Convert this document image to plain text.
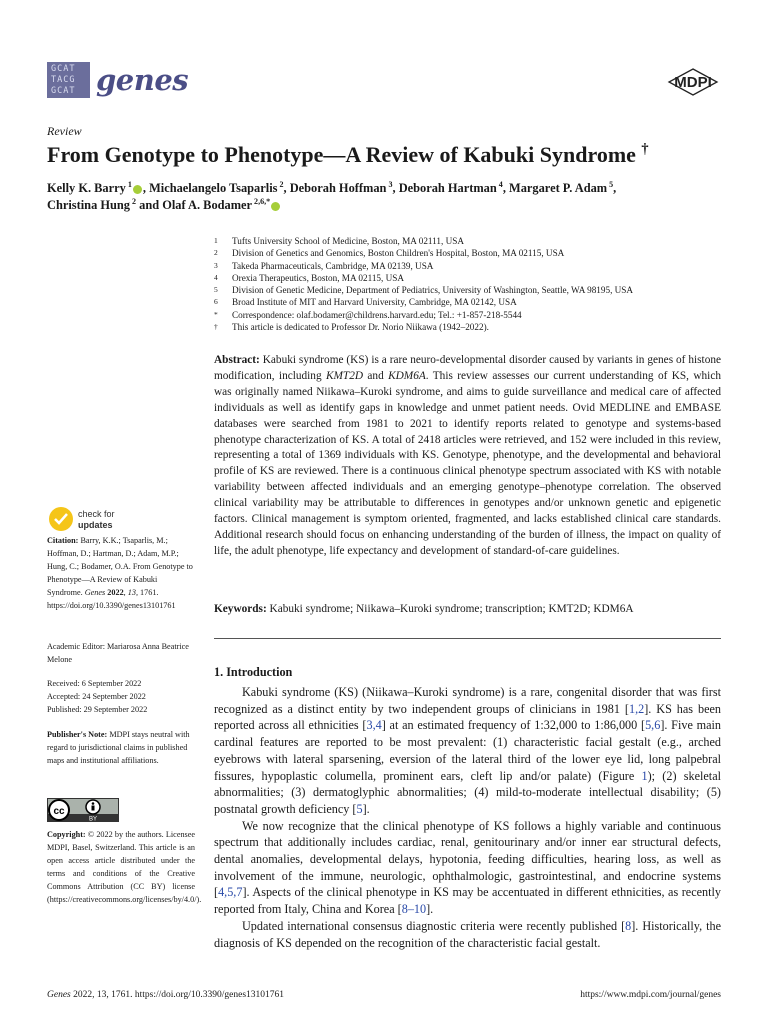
GCAT
TACG
GCAT genes	MDPI
Review
From Genotype to Phenotype—A Review of Kabuki Syndrome †
Kelly K. Barry $^1$ , Michaelangelo Tsaparlis $^2$, Deborah Hoffman $^3$, Deborah Hartman $^4$, Margaret P. Adam $^5$,
Christina Hung $^2$ and Olaf A. Bodamer $^{2,6,*}$
1	Tufts University School of Medicine, Boston, MA 02111, USA
2	Division of Genetics and Genomics, Boston Children's Hospital, Boston, MA 02115, USA
3	Takeda Pharmaceuticals, Cambridge, MA 02139, USA
4	Orexia Therapeutics, Boston, MA 02115, USA
5	Division of Genetic Medicine, Department of Pediatrics, University of Washington, Seattle, WA 98195, USA
6	Broad Institute of MIT and Harvard University, Cambridge, MA 02142, USA
*	Correspondence: olaf.bodamer@childrens.harvard.edu; Tel.: +1-857-218-5544
†	This article is dedicated to Professor Dr. Norio Niikawa (1942–2022).
Abstract: Kabuki syndrome (KS) is a rare neuro-developmental disorder caused by variants in genes of histone modification, including KMT2D and KDM6A. This review assesses our current understanding of KS, which was originally named Niikawa–Kuroki syndrome, and aims to guide surveillance and medical care of affected individuals as well as identify gaps in knowledge and unmet patient needs. Ovid MEDLINE and EMBASE databases were searched from 1981 to 2021 to identify reports related to genotype and systems-based phenotype characterization of KS. A total of 2418 articles were retrieved, and 152 were included in this review, representing a total of 1369 individuals with KS. Genotype, phenotype, and the developmental and behavioral profile of KS are reviewed. There is a continuous clinical phenotype spectrum associated with KS with notable variability between affected individuals and an emerging genotype–phenotype correlation. The observed clinical variability may be attributable to differences in genotypes and/or unknown genetic and epigenetic factors. Clinical management is symptom oriented, fragmented, and lacks established clinical care standards. Additional research should focus on enhancing understanding of the burden of illness, the impact on quality of life, the adult phenotype, life expectancy and development of standard-of-care guidelines.
Keywords: Kabuki syndrome; Niikawa–Kuroki syndrome; transcription; KMT2D; KDM6A
1. Introduction

Kabuki syndrome (KS) (Niikawa–Kuroki syndrome) is a rare, congenital disorder that was first recognized as a distinct entity by two independent groups of clinicians in 1981 [1,2]. KS has been reported across all ethnicities [3,4] at an estimated frequency of 1:32,000 to 1:86,000 [5,6]. Five main cardinal features are reported to be most prevalent: (1) characteristic facial gestalt (e.g., arched eyebrows with lateral sparsening, eversion of the lateral third of the lower eye lid, long palpebral fissures, hypoplastic columella, prominent ears, cleft lip and/or palate) (Figure 1); (2) skeletal abnormalities; (3) dermatoglyphic abnormalities; (4) mild-to-moderate intellectual disability; (5) postnatal growth deficiency [5].

We now recognize that the clinical phenotype of KS follows a highly variable and continuous spectrum that additionally includes cardiac, renal, genitourinary and/or inner ear structural defects, dental anomalies, developmental delays, hypotonia, feeding difficulties, hearing loss, as well as involvement of the immune, neurologic, ophthalmologic, gastrointestinal, and endocrine systems [4,5,7]. Aspects of the clinical phenotype in KS may be accentuated in different ethnicities, as recently reported from Italy, China and Korea [8–10].

Updated international consensus diagnostic criteria were recently published [8]. Historically, the diagnosis of KS depended on the recognition of the characteristic facial gestalt.

check for
updates
Citation: Barry, K.K.; Tsaparlis, M.; Hoffman, D.; Hartman, D.; Adam, M.P.; Hung, C.; Bodamer, O.A. From Genotype to Phenotype—A Review of Kabuki Syndrome. Genes 2022, 13, 1761. https://doi.org/10.3390/genes13101761
Academic Editor: Mariarosa Anna Beatrice Melone
Received: 6 September 2022
Accepted: 24 September 2022
Published: 29 September 2022
Publisher's Note: MDPI stays neutral with regard to jurisdictional claims in published maps and institutional affiliations.
cc
BY
Copyright: © 2022 by the authors. Licensee MDPI, Basel, Switzerland. This article is an open access article distributed under the terms and conditions of the Creative Commons Attribution (CC BY) license (https://creativecommons.org/licenses/by/4.0/).
Genes 2022, 13, 1761. https://doi.org/10.3390/genes13101761	https://www.mdpi.com/journal/genes
